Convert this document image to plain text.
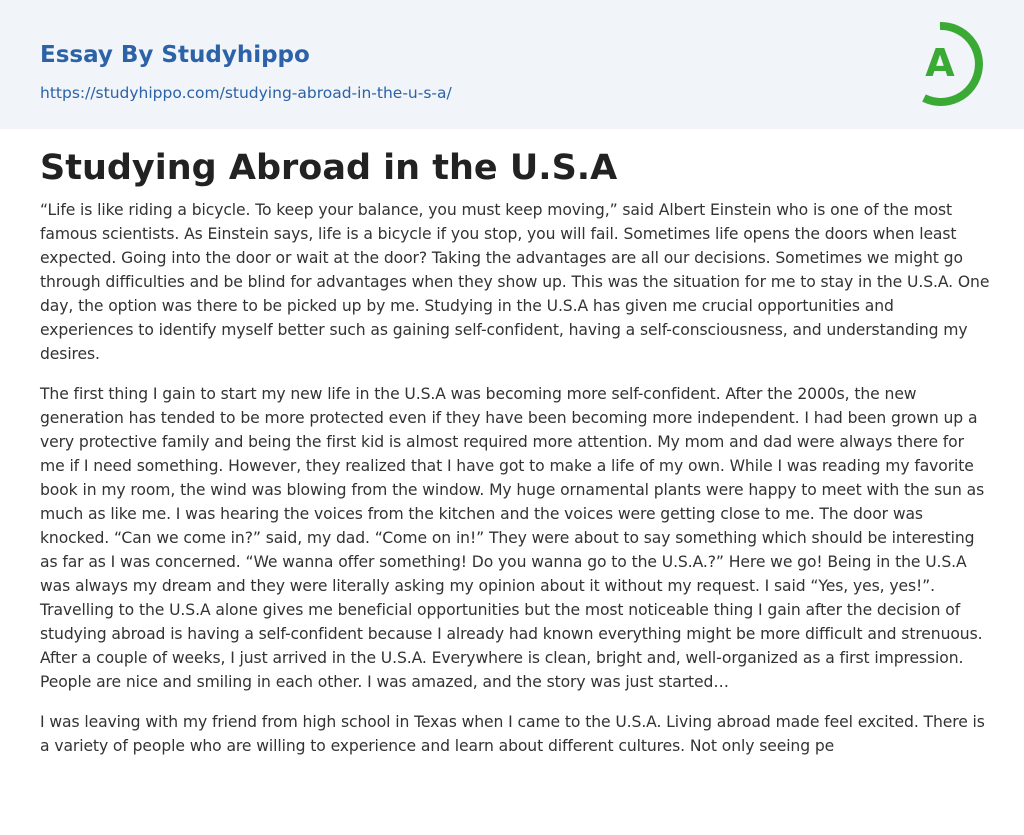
Essay By Studyhippo
https://studyhippo.com/studying-abroad-in-the-u-s-a/
A
Studying Abroad in the U.S.A

“Life is like riding a bicycle. To keep your balance, you must keep moving,” said Albert Einstein who is one of the most famous scientists. As Einstein says, life is a bicycle if you stop, you will fail. Sometimes life opens the doors when least expected. Going into the door or wait at the door? Taking the advantages are all our decisions. Sometimes we might go through difficulties and be blind for advantages when they show up. This was the situation for me to stay in the U.S.A. One day, the option was there to be picked up by me. Studying in the U.S.A has given me crucial opportunities and experiences to identify myself better such as gaining self-confident, having a self-consciousness, and understanding my desires.

The first thing I gain to start my new life in the U.S.A was becoming more self-confident. After the 2000s, the new generation has tended to be more protected even if they have been becoming more independent. I had been grown up a very protective family and being the first kid is almost required more attention. My mom and dad were always there for me if I need something. However, they realized that I have got to make a life of my own. While I was reading my favorite book in my room, the wind was blowing from the window. My huge ornamental plants were happy to meet with the sun as much as like me. I was hearing the voices from the kitchen and the voices were getting close to me. The door was knocked. “Can we come in?” said, my dad. “Come on in!” They were about to say something which should be interesting as far as I was concerned. “We wanna offer something! Do you wanna go to the U.S.A.?” Here we go! Being in the U.S.A was always my dream and they were literally asking my opinion about it without my request. I said “Yes, yes, yes!”. Travelling to the U.S.A alone gives me beneficial opportunities but the most noticeable thing I gain after the decision of studying abroad is having a self-confident because I already had known everything might be more difficult and strenuous. After a couple of weeks, I just arrived in the U.S.A. Everywhere is clean, bright and, well-organized as a first impression. People are nice and smiling in each other. I was amazed, and the story was just started…

I was leaving with my friend from high school in Texas when I came to the U.S.A. Living abroad made feel excited. There is a variety of people who are willing to experience and learn about different cultures. Not only seeing pe
